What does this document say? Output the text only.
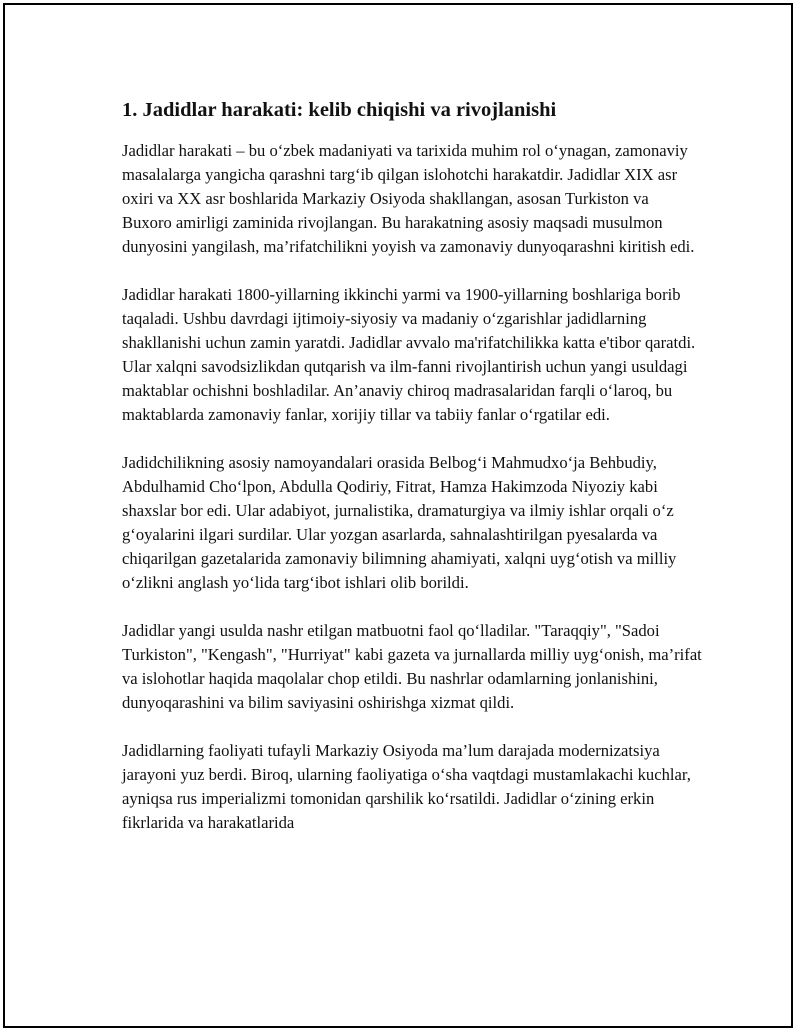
1. Jadidlar harakati: kelib chiqishi va rivojlanishi

Jadidlar harakati – bu o‘zbek madaniyati va tarixida muhim rol o‘ynagan, zamonaviy masalalarga yangicha qarashni targ‘ib qilgan islohotchi harakatdir. Jadidlar XIX asr oxiri va XX asr boshlarida Markaziy Osiyoda shakllangan, asosan Turkiston va Buxoro amirligi zaminida rivojlangan. Bu harakatning asosiy maqsadi musulmon dunyosini yangilash, ma’rifatchilikni yoyish va zamonaviy dunyoqarashni kiritish edi.

Jadidlar harakati 1800-yillarning ikkinchi yarmi va 1900-yillarning boshlariga borib taqaladi. Ushbu davrdagi ijtimoiy-siyosiy va madaniy o‘zgarishlar jadidlarning shakllanishi uchun zamin yaratdi. Jadidlar avvalo ma'rifatchilikka katta e'tibor qaratdi. Ular xalqni savodsizlikdan qutqarish va ilm-fanni rivojlantirish uchun yangi usuldagi maktablar ochishni boshladilar. An’anaviy chiroq madrasalaridan farqli o‘laroq, bu maktablarda zamonaviy fanlar, xorijiy tillar va tabiiy fanlar o‘rgatilar edi.

Jadidchilikning asosiy namoyandalari orasida Belbog‘i Mahmudxo‘ja Behbudiy, Abdulhamid Cho‘lpon, Abdulla Qodiriy, Fitrat, Hamza Hakimzoda Niyoziy kabi shaxslar bor edi. Ular adabiyot, jurnalistika, dramaturgiya va ilmiy ishlar orqali o‘z g‘oyalarini ilgari surdilar. Ular yozgan asarlarda, sahnalashtirilgan pyesalarda va chiqarilgan gazetalarida zamonaviy bilimning ahamiyati, xalqni uyg‘otish va milliy o‘zlikni anglash yo‘lida targ‘ibot ishlari olib borildi.

Jadidlar yangi usulda nashr etilgan matbuotni faol qo‘lladilar. "Taraqqiy", "Sadoi Turkiston", "Kengash", "Hurriyat" kabi gazeta va jurnallarda milliy uyg‘onish, ma’rifat va islohotlar haqida maqolalar chop etildi. Bu nashrlar odamlarning jonlanishini, dunyoqarashini va bilim saviyasini oshirishga xizmat qildi.

Jadidlarning faoliyati tufayli Markaziy Osiyoda ma’lum darajada modernizatsiya jarayoni yuz berdi. Biroq, ularning faoliyatiga o‘sha vaqtdagi mustamlakachi kuchlar, ayniqsa rus imperializmi tomonidan qarshilik ko‘rsatildi. Jadidlar o‘zining erkin fikrlarida va harakatlarida
